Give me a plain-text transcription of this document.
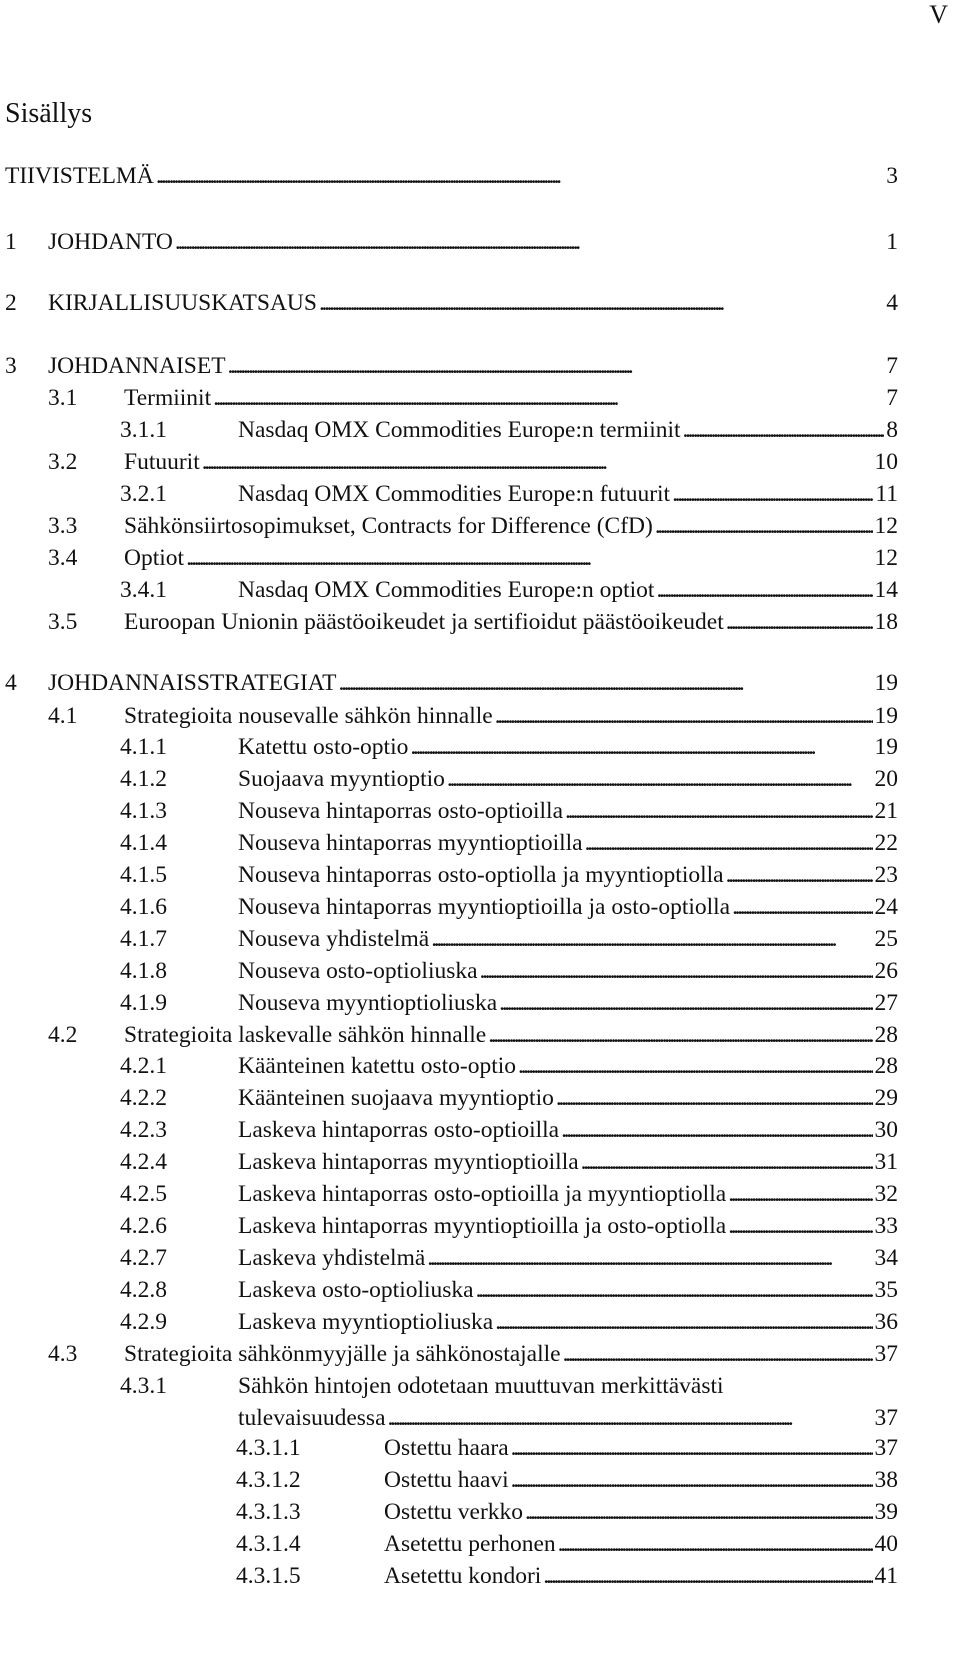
V
Sisällys
TIIVISTELMÄ . . .	3
1 JOHDANTO . . .	1
2 KIRJALLISUUSKATSAUS . . .	4
3 JOHDANNAISET . . .	7
3.1 Termiinit . . .	7
3.1.1	Nasdaq OMX Commodities Europe:n termiinit . . .	8
3.2 Futuurit . . .	10
3.2.1	Nasdaq OMX Commodities Europe:n futuurit . . .	11
3.3 Sähkönsiirtosopimukset, Contracts for Difference (CfD) . . .	12
3.4 Optiot . . .	12
3.4.1	Nasdaq OMX Commodities Europe:n optiot . . .	14
3.5 Euroopan Unionin päästöoikeudet ja sertifioidut päästöoikeudet . . .	18
4 JOHDANNAISSTRATEGIAT . . .	19
4.1 Strategioita nousevalle sähkön hinnalle . . .	19
4.1.1	Katettu osto-optio . . .	19
4.1.2	Suojaava myyntioptio . . .	20
4.1.3	Nouseva hintaporras osto-optioilla . . .	21
4.1.4	Nouseva hintaporras myyntioptioilla . . .	22
4.1.5	Nouseva hintaporras osto-optiolla ja myyntioptiolla . . .	23
4.1.6	Nouseva hintaporras myyntioptioilla ja osto-optiolla . . .	24
4.1.7	Nouseva yhdistelmä . . .	25
4.1.8	Nouseva osto-optioliuska . . .	26
4.1.9	Nouseva myyntioptioliuska . . .	27
4.2 Strategioita laskevalle sähkön hinnalle . . .	28
4.2.1	Käänteinen katettu osto-optio . . .	28
4.2.2	Käänteinen suojaava myyntioptio . . .	29
4.2.3	Laskeva hintaporras osto-optioilla . . .	30
4.2.4	Laskeva hintaporras myyntioptioilla . . .	31
4.2.5	Laskeva hintaporras osto-optioilla ja myyntioptiolla . . .	32
4.2.6	Laskeva hintaporras myyntioptioilla ja osto-optiolla . . .	33
4.2.7	Laskeva yhdistelmä . . .	34
4.2.8	Laskeva osto-optioliuska . . .	35
4.2.9	Laskeva myyntioptioliuska . . .	36
4.3 Strategioita sähkönmyyjälle ja sähkönostajalle . . .	37
4.3.1	Sähkön hintojen odotetaan muuttuvan merkittävästi
tulevaisuudessa . . .	37
4.3.1.1	Ostettu haara . . .	37
4.3.1.2	Ostettu haavi . . .	38
4.3.1.3	Ostettu verkko . . .	39
4.3.1.4	Asetettu perhonen . . .	40
4.3.1.5	Asetettu kondori . . .	41
